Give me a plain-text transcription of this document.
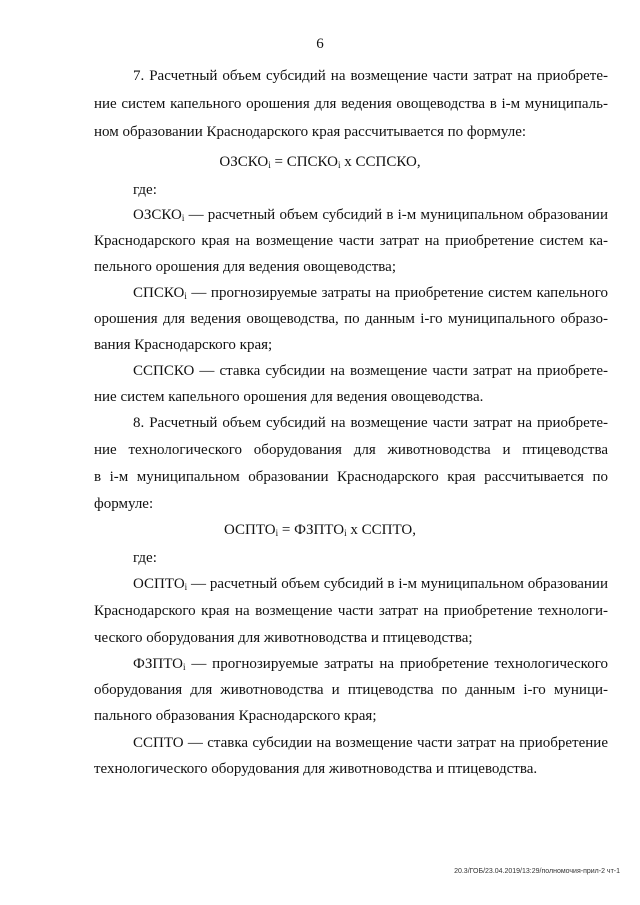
6
7. Расчетный объем субсидий на возмещение части затрат на приобрете-
ние систем капельного орошения для ведения овощеводства в i-м муниципаль-
ном образовании Краснодарского края рассчитывается по формуле:
$ОЗСКО_i$ = $СПСКО_i$ х ССПСКО,
где:
$ОЗСКО_i$ — расчетный объем субсидий в i-м муниципальном образовании
Краснодарского края на возмещение части затрат на приобретение систем ка-
пельного орошения для ведения овощеводства;
$СПСКО_i$ — прогнозируемые затраты на приобретение систем капельного
орошения для ведения овощеводства, по данным i-го муниципального образо-
вания Краснодарского края;
ССПСКО — ставка субсидии на возмещение части затрат на приобрете-
ние систем капельного орошения для ведения овощеводства.
8. Расчетный объем субсидий на возмещение части затрат на приобрете-
ние технологического оборудования для животноводства и птицеводства
в i-м муниципальном образовании Краснодарского края рассчитывается по
формуле:
$ОСПТО_i$ = $ФЗПТО_i$ х ССПТО,
где:
$ОСПТО_i$ — расчетный объем субсидий в i-м муниципальном образовании
Краснодарского края на возмещение части затрат на приобретение технологи-
ческого оборудования для животноводства и птицеводства;
$ФЗПТО_i$ — прогнозируемые затраты на приобретение технологического
оборудования для животноводства и птицеводства по данным i-го муници-
пального образования Краснодарского края;
ССПТО — ставка субсидии на возмещение части затрат на приобретение
технологического оборудования для животноводства и птицеводства.
20.3/ГОБ/23.04.2019/13:29/полномочия-прил-2 чт-1
